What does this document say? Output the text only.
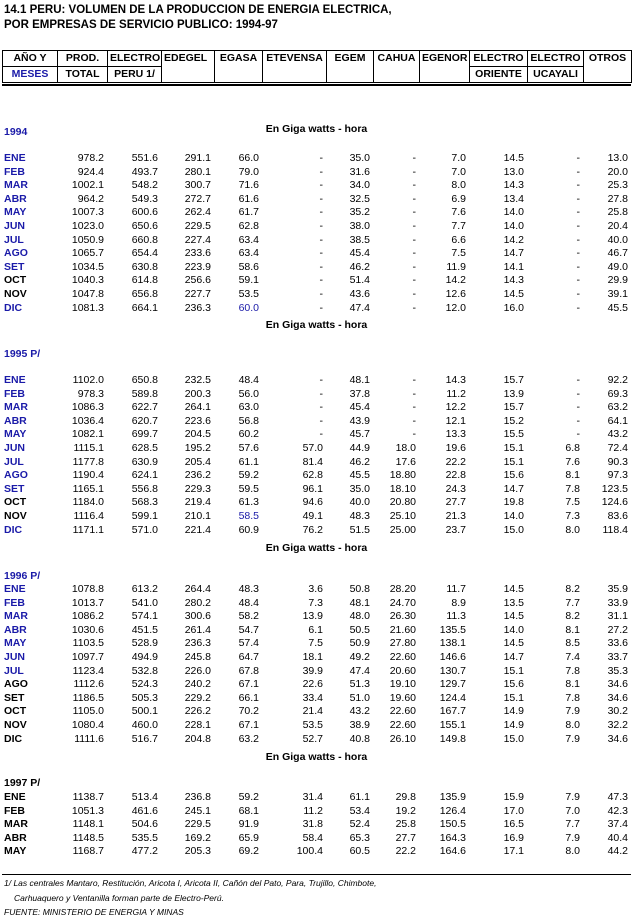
14.1 PERU: VOLUMEN DE LA PRODUCCION DE ENERGIA ELECTRICA,
POR EMPRESAS DE SERVICIO PUBLICO: 1994-97
AÑO Y	PROD.	ELECTRO	EDEGEL	EGASA	ETEVENSA	EGEM	CAHUA	EGENOR	ELECTRO	ELECTRO	OTROS
MESES	TOTAL	PERU 1/							ORIENTE	UCAYALI	
En Giga watts - hora
1994
ENE	978.2	551.6	291.1	66.0	-	35.0	-	7.0	14.5	-	13.0
FEB	924.4	493.7	280.1	79.0	-	31.6	-	7.0	13.0	-	20.0
MAR	1002.1	548.2	300.7	71.6	-	34.0	-	8.0	14.3	-	25.3
ABR	964.2	549.3	272.7	61.6	-	32.5	-	6.9	13.4	-	27.8
MAY	1007.3	600.6	262.4	61.7	-	35.2	-	7.6	14.0	-	25.8
JUN	1023.0	650.6	229.5	62.8	-	38.0	-	7.7	14.0	-	20.4
JUL	1050.9	660.8	227.4	63.4	-	38.5	-	6.6	14.2	-	40.0
AGO	1065.7	654.4	233.6	63.4	-	45.4	-	7.5	14.7	-	46.7
SET	1034.5	630.8	223.9	58.6	-	46.2	-	11.9	14.1	-	49.0
OCT	1040.3	614.8	256.6	59.1	-	51.4	-	14.2	14.3	-	29.9
NOV	1047.8	656.8	227.7	53.5	-	43.6	-	12.6	14.5	-	39.1
DIC	1081.3	664.1	236.3	60.0	-	47.4	-	12.0	16.0	-	45.5
En Giga watts - hora
1995 P/
ENE	1102.0	650.8	232.5	48.4	-	48.1	-	14.3	15.7	-	92.2
FEB	978.3	589.8	200.3	56.0	-	37.8	-	11.2	13.9	-	69.3
MAR	1086.3	622.7	264.1	63.0	-	45.4	-	12.2	15.7	-	63.2
ABR	1036.4	620.7	223.6	56.8	-	43.9	-	12.1	15.2	-	64.1
MAY	1082.1	699.7	204.5	60.2	-	45.7	-	13.3	15.5	-	43.2
JUN	1115.1	628.5	195.2	57.6	57.0	44.9	18.0	19.6	15.1	6.8	72.4
JUL	1177.8	630.9	205.4	61.1	81.4	46.2	17.6	22.2	15.1	7.6	90.3
AGO	1190.4	624.1	236.2	59.2	62.8	45.5	18.80	22.8	15.6	8.1	97.3
SET	1165.1	556.8	229.3	59.5	96.1	35.0	18.10	24.3	14.7	7.8	123.5
OCT	1184.0	568.3	219.4	61.3	94.6	40.0	20.80	27.7	19.8	7.5	124.6
NOV	1116.4	599.1	210.1	58.5	49.1	48.3	25.10	21.3	14.0	7.3	83.6
DIC	1171.1	571.0	221.4	60.9	76.2	51.5	25.00	23.7	15.0	8.0	118.4
En Giga watts - hora
1996 P/
ENE	1078.8	613.2	264.4	48.3	3.6	50.8	28.20	11.7	14.5	8.2	35.9
FEB	1013.7	541.0	280.2	48.4	7.3	48.1	24.70	8.9	13.5	7.7	33.9
MAR	1086.2	574.1	300.6	58.2	13.9	48.0	26.30	11.3	14.5	8.2	31.1
ABR	1030.6	451.5	261.4	54.7	6.1	50.5	21.60	135.5	14.0	8.1	27.2
MAY	1103.5	528.9	236.3	57.4	7.5	50.9	27.80	138.1	14.5	8.5	33.6
JUN	1097.7	494.9	245.8	64.7	18.1	49.2	22.60	146.6	14.7	7.4	33.7
JUL	1123.4	532.8	226.0	67.8	39.9	47.4	20.60	130.7	15.1	7.8	35.3
AGO	1112.6	524.3	240.2	67.1	22.6	51.3	19.10	129.7	15.6	8.1	34.6
SET	1186.5	505.3	229.2	66.1	33.4	51.0	19.60	124.4	15.1	7.8	34.6
OCT	1105.0	500.1	226.2	70.2	21.4	43.2	22.60	167.7	14.9	7.9	30.2
NOV	1080.4	460.0	228.1	67.1	53.5	38.9	22.60	155.1	14.9	8.0	32.2
DIC	1111.6	516.7	204.8	63.2	52.7	40.8	26.10	149.8	15.0	7.9	34.6
En Giga watts - hora
1997 P/
ENE	1138.7	513.4	236.8	59.2	31.4	61.1	29.8	135.9	15.9	7.9	47.3
FEB	1051.3	461.6	245.1	68.1	11.2	53.4	19.2	126.4	17.0	7.0	42.3
MAR	1148.1	504.6	229.5	91.9	31.8	52.4	25.8	150.5	16.5	7.7	37.4
ABR	1148.5	535.5	169.2	65.9	58.4	65.3	27.7	164.3	16.9	7.9	40.4
MAY	1168.7	477.2	205.3	69.2	100.4	60.5	22.2	164.6	17.1	8.0	44.2
1/ Las centrales Mantaro, Restitución, Aricota I, Aricota II, Cañón del Pato, Para, Trujillo, Chimbote,
Carhuaquero y Ventanilla forman parte de Electro-Perú.
FUENTE: MINISTERIO DE ENERGIA Y MINAS
